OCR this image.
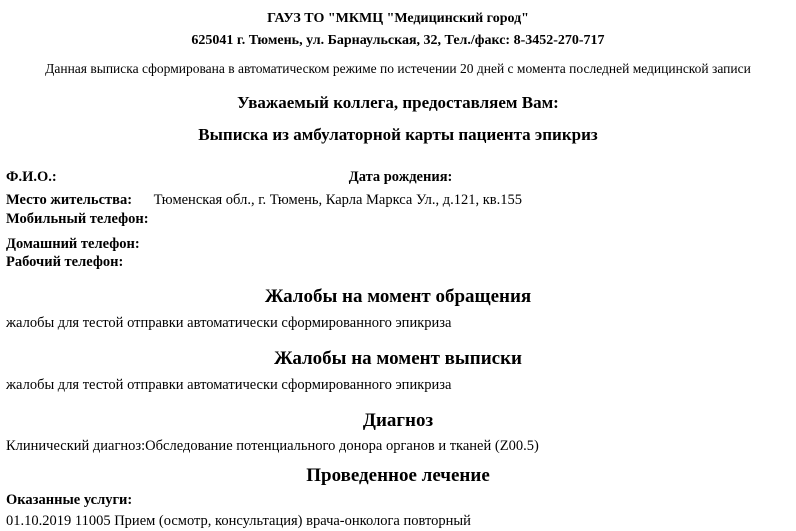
ГАУЗ ТО "МКМЦ "Медицинский город"
625041 г. Тюмень, ул. Барнаульская, 32, Тел./факс: 8-3452-270-717
Данная выписка сформирована в автоматическом режиме по истечении 20 дней с момента последней медицинской записи
Уважаемый коллега, предоставляем Вам:
Выписка из амбулаторной карты пациента эпикриз
Ф.И.О.:	Дата рождения:
Место жительства: Тюменская обл., г. Тюмень, Карла Маркса Ул., д.121, кв.155
Мобильный телефон:
Домашний телефон:
Рабочий телефон:
Жалобы на момент обращения
жалобы для тестой отправки автоматически сформированного эпикриза
Жалобы на момент выписки
жалобы для тестой отправки автоматически сформированного эпикриза
Диагноз
Клинический диагноз:Обследование потенциального донора органов и тканей (Z00.5)
Проведенное лечение
Оказанные услуги:
01.10.2019 11005 Прием (осмотр, консультация) врача-онколога повторный
